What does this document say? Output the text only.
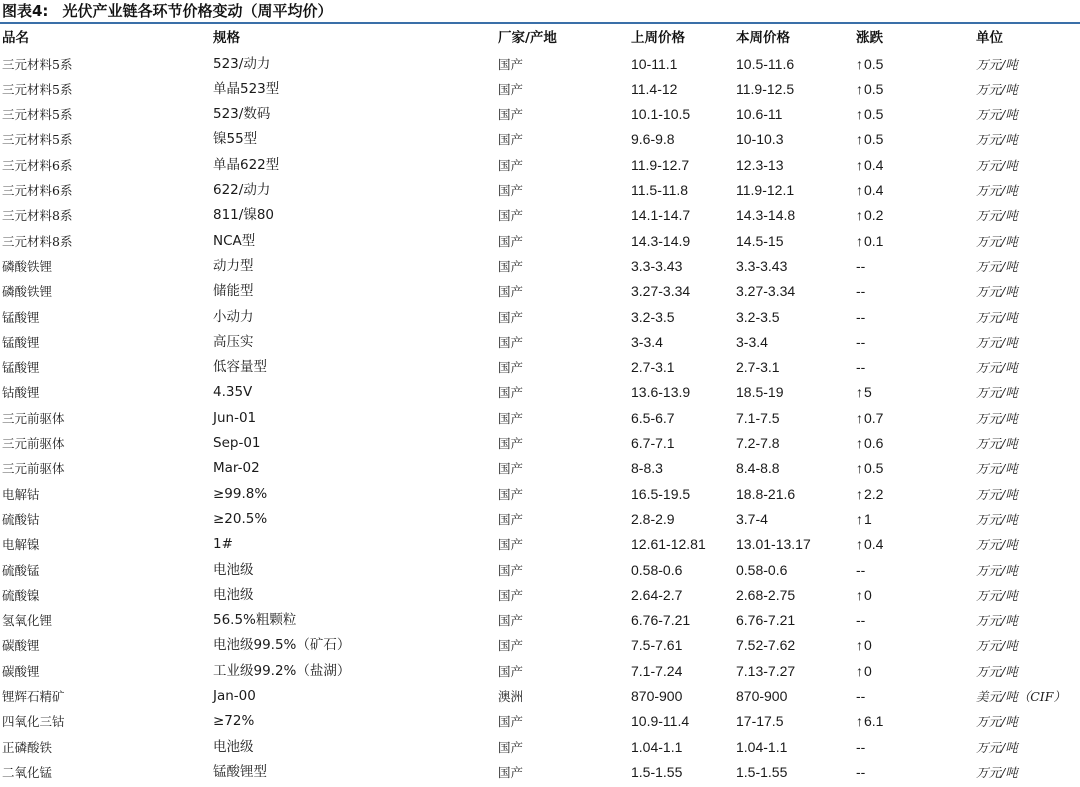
图表4: 光伏产业链各环节价格变动（周平均价）
品名	规格	厂家/产地	上周价格	本周价格	涨跌	单位
三元材料5系	523/动力	国产	10-11.1	10.5-11.6	↑ 0.5	万元/吨
三元材料5系	单晶523型	国产	11.4-12	11.9-12.5	↑ 0.5	万元/吨
三元材料5系	523/数码	国产	10.1-10.5	10.6-11	↑ 0.5	万元/吨
三元材料5系	镍55型	国产	9.6-9.8	10-10.3	↑ 0.5	万元/吨
三元材料6系	单晶622型	国产	11.9-12.7	12.3-13	↑ 0.4	万元/吨
三元材料6系	622/动力	国产	11.5-11.8	11.9-12.1	↑ 0.4	万元/吨
三元材料8系	811/镍80	国产	14.1-14.7	14.3-14.8	↑ 0.2	万元/吨
三元材料8系	NCA型	国产	14.3-14.9	14.5-15	↑ 0.1	万元/吨
磷酸铁锂	动力型	国产	3.3-3.43	3.3-3.43	--	万元/吨
磷酸铁锂	储能型	国产	3.27-3.34	3.27-3.34	--	万元/吨
锰酸锂	小动力	国产	3.2-3.5	3.2-3.5	--	万元/吨
锰酸锂	高压实	国产	3-3.4	3-3.4	--	万元/吨
锰酸锂	低容量型	国产	2.7-3.1	2.7-3.1	--	万元/吨
钴酸锂	4.35V	国产	13.6-13.9	18.5-19	↑ 5	万元/吨
三元前驱体	Jun-01	国产	6.5-6.7	7.1-7.5	↑ 0.7	万元/吨
三元前驱体	Sep-01	国产	6.7-7.1	7.2-7.8	↑ 0.6	万元/吨
三元前驱体	Mar-02	国产	8-8.3	8.4-8.8	↑ 0.5	万元/吨
电解钴	≥99.8%	国产	16.5-19.5	18.8-21.6	↑ 2.2	万元/吨
硫酸钴	≥20.5%	国产	2.8-2.9	3.7-4	↑ 1	万元/吨
电解镍	1#	国产	12.61-12.81 13.01-13.17	↑ 0.4	万元/吨
硫酸锰	电池级	国产	0.58-0.6	0.58-0.6	--	万元/吨
硫酸镍	电池级	国产	2.64-2.7	2.68-2.75	↑ 0	万元/吨
氢氧化锂	56.5%粗颗粒	国产	6.76-7.21	6.76-7.21	--	万元/吨
碳酸锂	电池级99.5%（矿石）	国产	7.5-7.61	7.52-7.62	↑ 0	万元/吨
碳酸锂	工业级99.2%（盐湖）	国产	7.1-7.24	7.13-7.27	↑ 0	万元/吨
锂辉石精矿	Jan-00	澳洲	870-900	870-900	--	美元/吨（CIF）
四氧化三钴	≥72%	国产	10.9-11.4	17-17.5	↑ 6.1	万元/吨
正磷酸铁	电池级	国产	1.04-1.1	1.04-1.1	--	万元/吨
二氧化锰	锰酸锂型	国产	1.5-1.55	1.5-1.55	--	万元/吨
